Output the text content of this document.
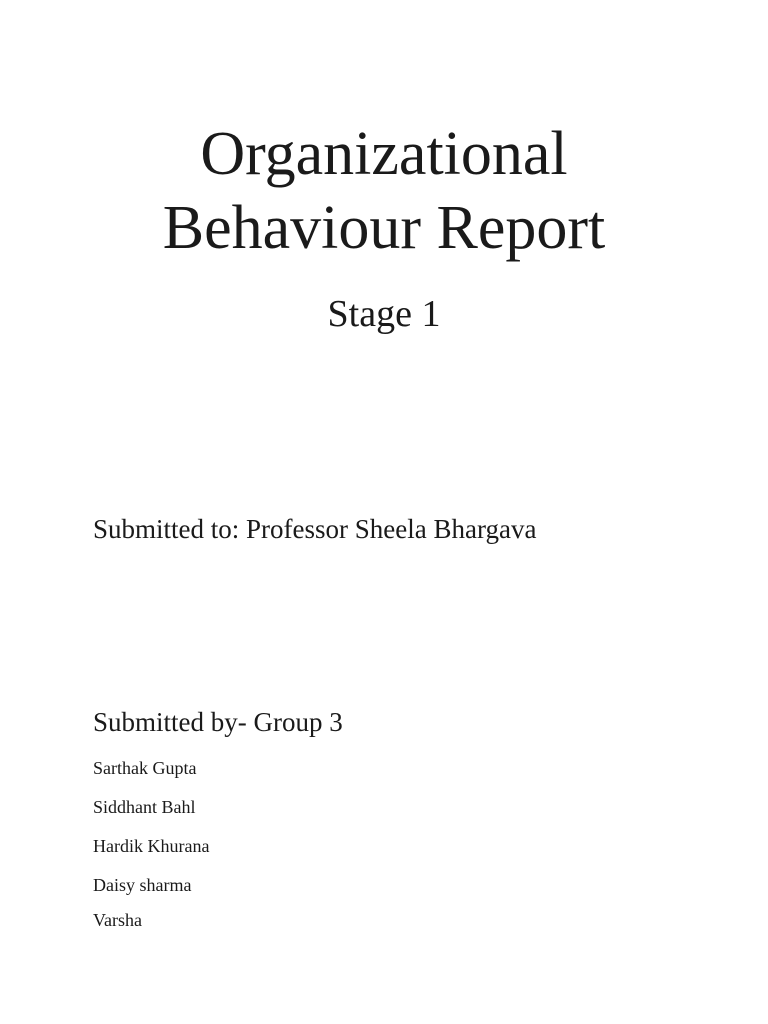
Organizational
Behaviour Report
Stage 1

Submitted to: Professor Sheela Bhargava

Submitted by- Group 3

Sarthak Gupta
Siddhant Bahl
Hardik Khurana
Daisy sharma
Varsha
